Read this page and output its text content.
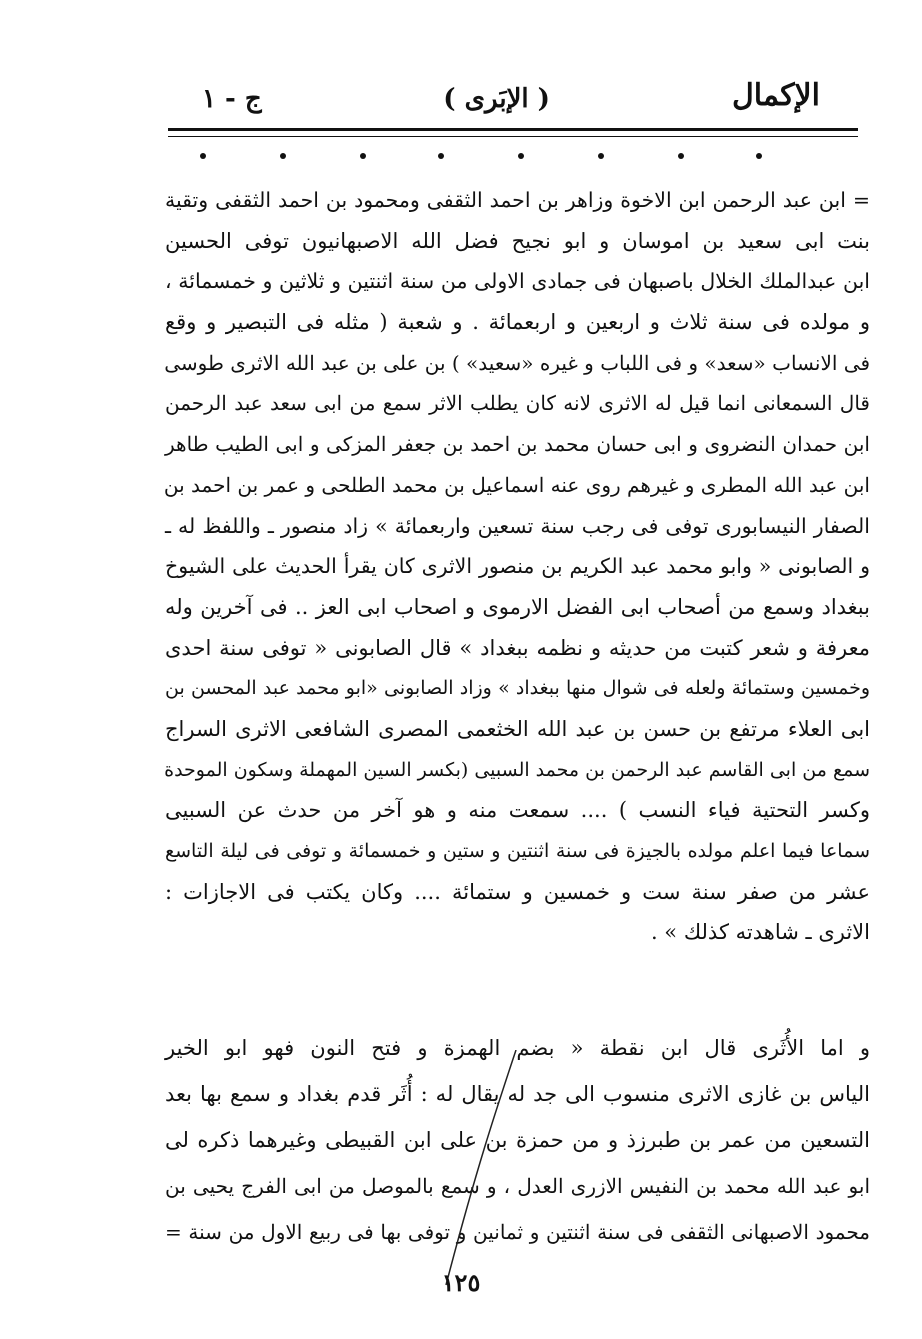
الإكمال
( الإبَرى )
ج - ١
= ابن عبد الرحمن ابن الاخوة وزاهر بن احمد الثقفى ومحمود بن احمد الثقفى وتقية
بنت ابى سعيد بن اموسان و ابو نجيح فضل الله الاصبهانيون توفى الحسين
ابن عبدالملك الخلال باصبهان فى جمادى الاولى من سنة اثنتين و ثلاثين و خمسمائة ،
و مولده فى سنة ثلاث و اربعين و اربعمائة . و شعبة ( مثله فى التبصير و وقع
فى الانساب «سعد» و فى اللباب و غيره «سعيد» ) بن على بن عبد الله الاثرى طوسى
قال السمعانى انما قيل له الاثرى لانه كان يطلب الاثر سمع من ابى سعد عبد الرحمن
ابن حمدان النضروى و ابى حسان محمد بن احمد بن جعفر المزكى و ابى الطيب طاهر
ابن عبد الله المطرى و غيرهم روى عنه اسماعيل بن محمد الطلحى و عمر بن احمد بن
الصفار النيسابورى توفى فى رجب سنة تسعين واربعمائة » زاد منصور ـ واللفظ له ـ
و الصابونى « وابو محمد عبد الكريم بن منصور الاثرى كان يقرأ الحديث على الشيوخ
ببغداد وسمع من أصحاب ابى الفضل الارموى و اصحاب ابى العز .. فى آخرين وله
معرفة و شعر كتبت من حديثه و نظمه ببغداد » قال الصابونى « توفى سنة احدى
وخمسين وستمائة ولعله فى شوال منها ببغداد » وزاد الصابونى «ابو محمد عبد المحسن بن
ابى العلاء مرتفع بن حسن بن عبد الله الخثعمى المصرى الشافعى الاثرى السراج
سمع من ابى القاسم عبد الرحمن بن محمد السبيى (بكسر السين المهملة وسكون الموحدة
وكسر التحتية فياء النسب ) .... سمعت منه و هو آخر من حدث عن السبيى
سماعا فيما اعلم مولده بالجيزة فى سنة اثنتين و ستين و خمسمائة و توفى فى ليلة التاسع
عشر من صفر سنة ست و خمسين و ستمائة .... وكان يكتب فى الاجازات :
الاثرى ـ شاهدته كذلك » .
و اما الأُثَرى قال ابن نقطة « بضم الهمزة و فتح النون فهو ابو الخير
الياس بن غازى الاثرى منسوب الى جد له يقال له : أُثَر قدم بغداد و سمع بها بعد
التسعين من عمر بن طبرزذ و من حمزة بن على ابن القبيطى وغيرهما ذكره لى
ابو عبد الله محمد بن النفيس الازرى العدل ، و سمع بالموصل من ابى الفرج يحيى بن
محمود الاصبهانى الثقفى فى سنة اثنتين و ثمانين و توفى بها فى ربيع الاول من سنة =
١٢٥
